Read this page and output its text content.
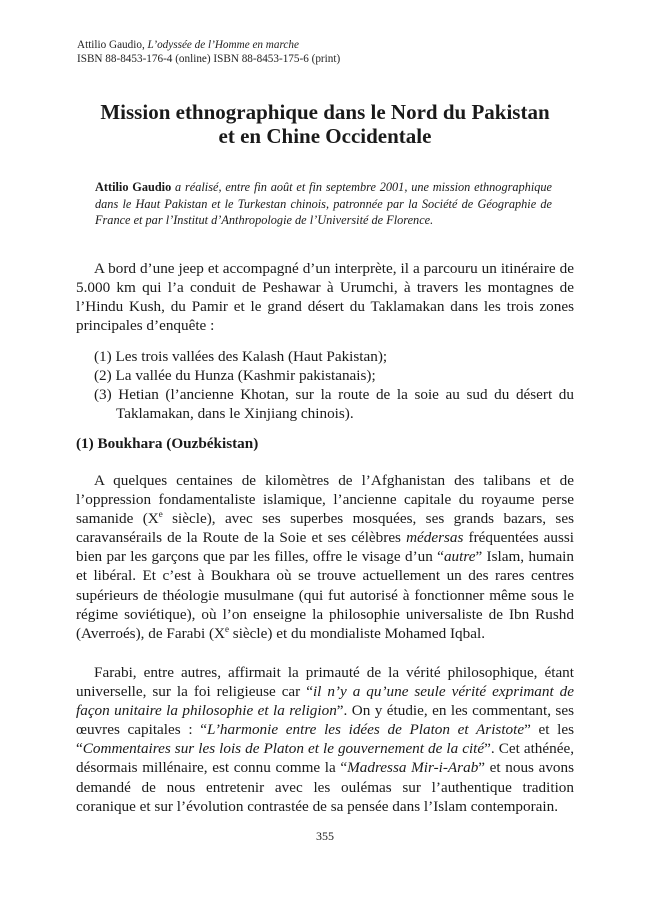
Attilio Gaudio, L’odyssée de l’Homme en marche
ISBN 88-8453-176-4 (online) ISBN 88-8453-175-6 (print)
Mission ethnographique dans le Nord du Pakistan
et en Chine Occidentale
Attilio Gaudio a réalisé, entre fin août et fin septembre 2001, une mission ethnographique dans le Haut Pakistan et le Turkestan chinois, patronnée par la Société de Géographie de France et par l’Institut d’Anthropologie de l’Université de Florence.
A bord d’une jeep et accompagné d’un interprète, il a parcouru un itinéraire de 5.000 km qui l’a conduit de Peshawar à Urumchi, à travers les montagnes de l’Hindu Kush, du Pamir et le grand désert du Taklamakan dans les trois zones principales d’enquête :
(1) Les trois vallées des Kalash (Haut Pakistan);
(2) La vallée du Hunza (Kashmir pakistanais);
(3) Hetian (l’ancienne Khotan, sur la route de la soie au sud du désert du Taklamakan, dans le Xinjiang chinois).
(1) Boukhara (Ouzbékistan)
A quelques centaines de kilomètres de l’Afghanistan des talibans et de l’oppression fondamentaliste islamique, l’ancienne capitale du royaume perse samanide (Xe siècle), avec ses superbes mosquées, ses grands bazars, ses caravansérails de la Route de la Soie et ses célèbres médersas fréquentées aussi bien par les garçons que par les filles, offre le visage d’un “autre” Islam, humain et libéral. Et c’est à Boukhara où se trouve actuellement un des rares centres supérieurs de théologie musulmane (qui fut autorisé à fonctionner même sous le régime soviétique), où l’on enseigne la philosophie universaliste de Ibn Rushd (Averroés), de Farabi (Xe siècle) et du mondialiste Mohamed Iqbal.
Farabi, entre autres, affirmait la primauté de la vérité philosophique, étant universelle, sur la foi religieuse car “il n’y a qu’une seule vérité exprimant de façon unitaire la philosophie et la religion”. On y étudie, en les commentant, ses œuvres capitales : “L’harmonie entre les idées de Platon et Aristote” et les “Commentaires sur les lois de Platon et le gouvernement de la cité”. Cet athénée, désormais millénaire, est connu comme la “Madressa Mir-i-Arab” et nous avons demandé de nous entretenir avec les oulémas sur l’authentique tradition coranique et sur l’évolution contrastée de sa pensée dans l’Islam contemporain.
355
